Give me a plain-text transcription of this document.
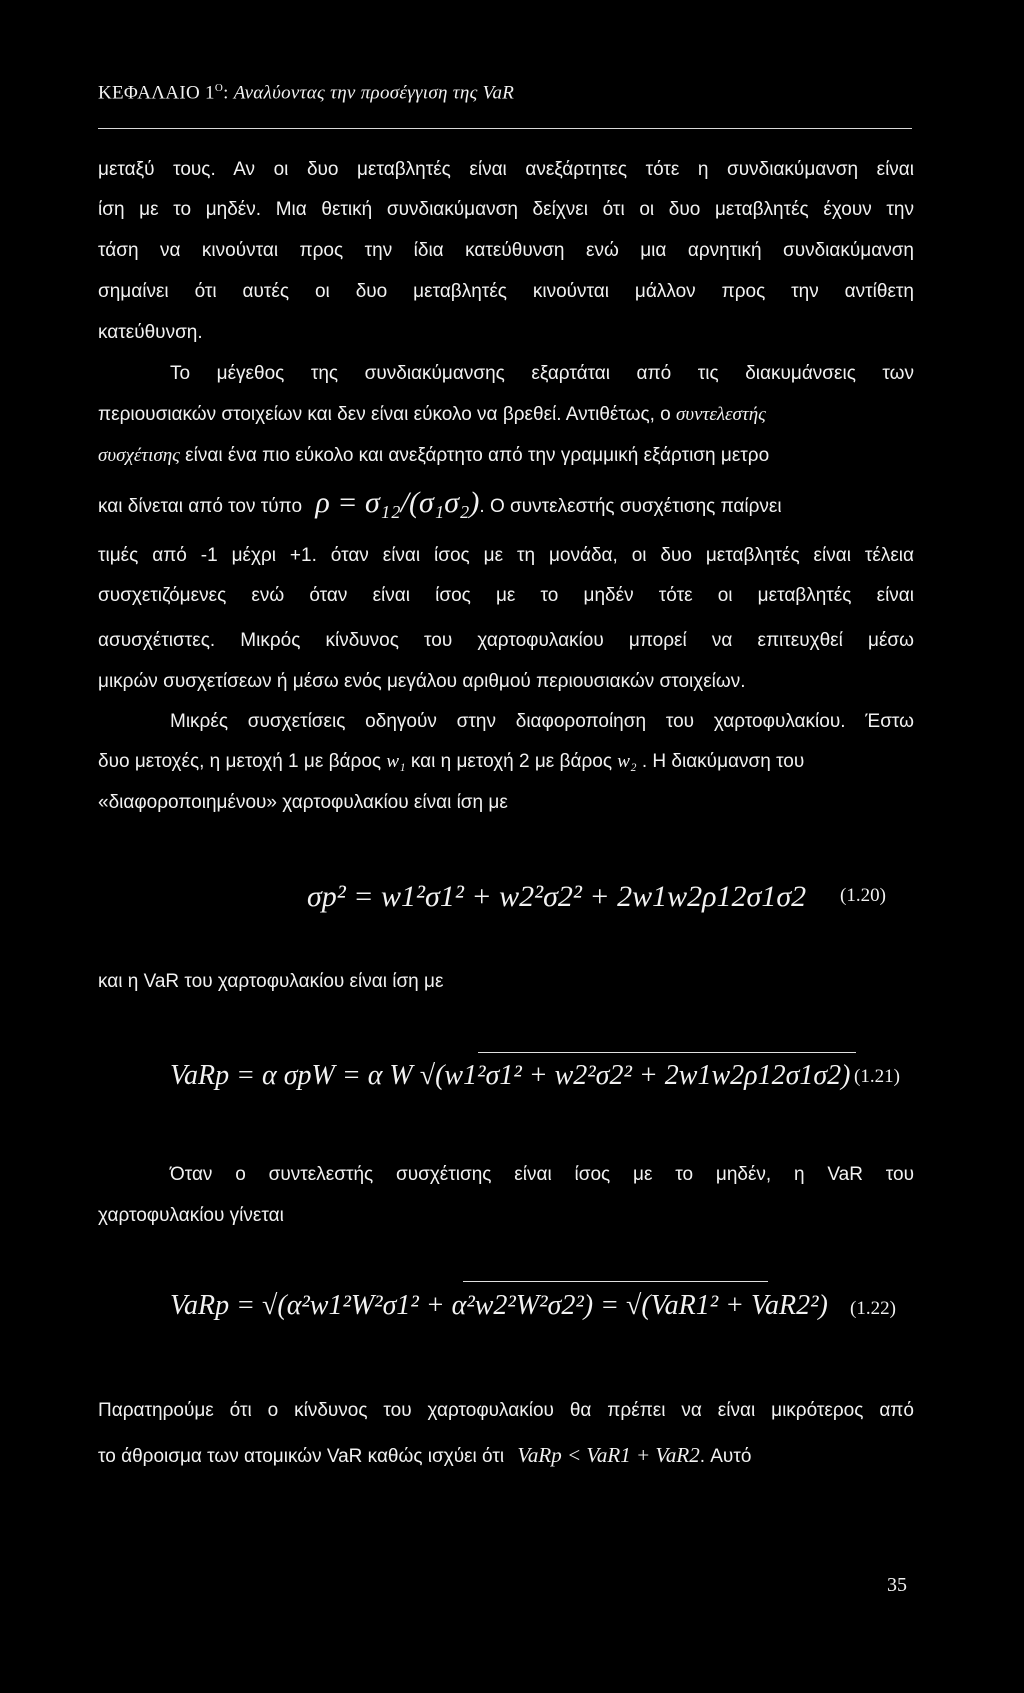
ΚΕΦΑΛΑΙΟ $1^O$: Αναλύοντας την προσέγγιση της VaR
μεταξύ τους. Αν οι δυο μεταβλητές είναι ανεξάρτητες τότε η συνδιακύμανση είναι
ίση με το μηδέν. Μια θετική συνδιακύμανση δείχνει ότι οι δυο μεταβλητές έχουν την
τάση να κινούνται προς την ίδια κατεύθυνση ενώ μια αρνητική συνδιακύμανση
σημαίνει ότι αυτές οι δυο μεταβλητές κινούνται μάλλον προς την αντίθετη
κατεύθυνση.
Το μέγεθος της συνδιακύμανσης εξαρτάται από τις διακυμάνσεις των
περιουσιακών στοιχείων και δεν είναι εύκολο να βρεθεί. Αντιθέτως, ο συντελεστής
συσχέτισης είναι ένα πιο εύκολο και ανεξάρτητο από την γραμμική εξάρτιση μετρο
και δίνεται από τον τύπο ρ = σ₁₂/(σ₁σ₂). Ο συντελεστής συσχέτισης παίρνει
τιμές από -1 μέχρι +1. όταν είναι ίσος με τη μονάδα, οι δυο μεταβλητές είναι τέλεια
συσχετιζόμενες ενώ όταν είναι ίσος με το μηδέν τότε οι μεταβλητές είναι
ασυσχέτιστες. Μικρός κίνδυνος του χαρτοφυλακίου μπορεί να επιτευχθεί μέσω
μικρών συσχετίσεων ή μέσω ενός μεγάλου αριθμού περιουσιακών στοιχείων.
Μικρές συσχετίσεις οδηγούν στην διαφοροποίηση του χαρτοφυλακίου. Έστω
δυο μετοχές, η μετοχή 1 με βάρος w₁ και η μετοχή 2 με βάρος w₂ . Η διακύμανση του
«διαφοροποιημένου» χαρτοφυλακίου είναι ίση με
σp² = w1²σ1² + w2²σ2² + 2w1w2ρ12σ1σ2 (1.20)
και η VaR του χαρτοφυλακίου είναι ίση με
VaRp = α σpW = α W √(w1²σ1² + w2²σ2² + 2w1w2ρ12σ1σ2) (1.21)
Όταν ο συντελεστής συσχέτισης είναι ίσος με το μηδέν, η VaR του
χαρτοφυλακίου γίνεται
VaRp = √(α²w1²W²σ1² + α²w2²W²σ2²) = √(VaR1² + VaR2²) (1.22)
Παρατηρούμε ότι ο κίνδυνος του χαρτοφυλακίου θα πρέπει να είναι μικρότερος από
το άθροισμα των ατομικών VaR καθώς ισχύει ότι VaRp < VaR1 + VaR2. Αυτό
35
